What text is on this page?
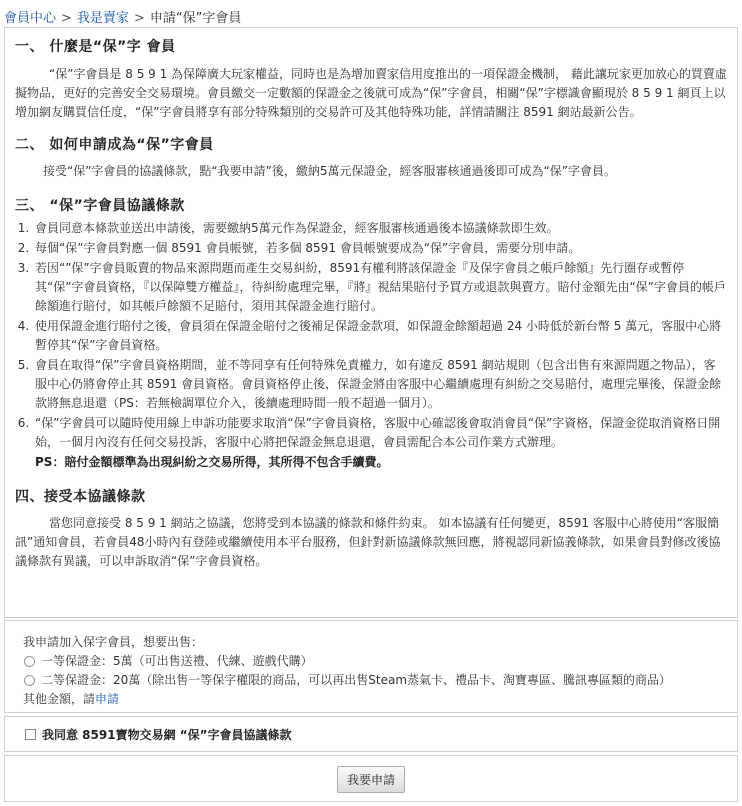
會員中心 > 我是賣家 > 申請“保”字會員
一、 什麼是“保”字 會員

“保”字會員是 8 5 9 1 為保障廣大玩家權益，同時也是為增加賣家信用度推出的一項保證金機制， 藉此讓玩家更加放心的買賣虛擬物品，更好的完善安全交易環境。會員繳交一定數額的保證金之後就可成為“保”字會員，相關“保”字標識會顯現於 8 5 9 1 網頁上以增加網友購買信任度，“保”字會員將享有部分特殊類別的交易許可及其他特殊功能，詳情請關注 8591 網站最新公告。

二、 如何申請成為“保”字會員

接受“保”字會員的協議條款，點“我要申請”後，繳納5萬元保證金，經客服審核通過後即可成為“保”字會員。

三、 “保”字會員協議條款
1. 會員同意本條款並送出申請後，需要繳納5萬元作為保證金，經客服審核通過後本協議條款即生效。
2. 每個“保”字會員對應一個 8591 會員帳號，若多個 8591 會員帳號要成為“保”字會員，需要分別申請。
3. 若因“”保”字會員販賣的物品來源問題而產生交易糾紛，8591有權利將該保證金『及保字會員之帳戶餘額』先行圈存或暫停其“保”字會員資格，『以保障雙方權益』，待糾紛處理完畢，『將』視結果賠付予買方或退款與賣方。賠付金額先由“保”字會員的帳戶餘額進行賠付，如其帳戶餘額不足賠付，須用其保證金進行賠付。
4. 使用保證金進行賠付之後，會員須在保證金賠付之後補足保證金款項，如保證金餘額超過 24 小時低於新台幣 5 萬元，客服中心將暫停其“保”字會員資格。
5. 會員在取得“保”字會員資格期間，並不等同享有任何特殊免責權力，如有違反 8591 網站規則（包含出售有來源問題之物品），客服中心仍將會停止其 8591 會員資格。會員資格停止後，保證金將由客服中心繼續處理有糾紛之交易賠付，處理完畢後，保證金餘款將無息退還（PS：若無檢調單位介入，後續處理時間一般不超過一個月）。
6. “保”字會員可以隨時使用線上申訴功能要求取消“保”字會員資格，客服中心確認後會取消會員“保”字資格，保證金從取消資格日開始，一個月內沒有任何交易投訴，客服中心將把保證金無息退還，會員需配合本公司作業方式辦理。
PS：賠付金額標準為出現糾紛之交易所得，其所得不包含手續費。
四、接受本協議條款

當您同意接受 8 5 9 1 網站之協議，您將受到本協議的條款和條件約束。 如本協議有任何變更，8591 客服中心將使用“客服簡訊”通知會員，若會員48小時內有登陸或繼續使用本平台服務，但針對新協議條款無回應，將視認同新協義條款，如果會員對修改後協議條款有異議，可以申訴取消“保”字會員資格。

我申請加入保字會員，想要出售：
一等保證金：5萬（可出售送禮、代練、遊戲代購）
二等保證金：20萬（除出售一等保字權限的商品，可以再出售Steam蒸氣卡、禮品卡、淘寶專區、騰訊專區類的商品）
其他金額，請申請
我同意 8591寶物交易網 “保”字會員協議條款
我要申請
